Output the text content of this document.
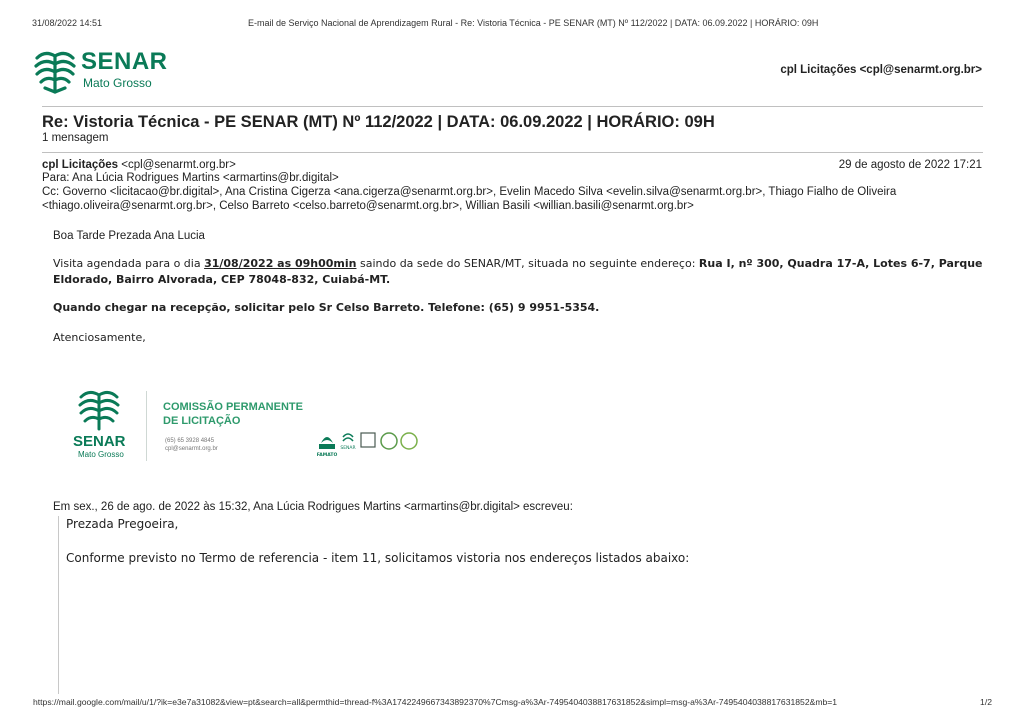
31/08/2022 14:51	E-mail de Serviço Nacional de Aprendizagem Rural - Re: Vistoria Técnica - PE SENAR (MT) Nº 112/2022 | DATA: 06.09.2022 | HORÁRIO: 09H
SENAR
Mato Grosso
cpl Licitações <cpl@senarmt.org.br>
Re: Vistoria Técnica - PE SENAR (MT) Nº 112/2022 | DATA: 06.09.2022 | HORÁRIO: 09H
1 mensagem
cpl Licitações <cpl@senarmt.org.br>	29 de agosto de 2022 17:21
Para: Ana Lúcia Rodrigues Martins <armartins@br.digital>
Cc: Governo <licitacao@br.digital>, Ana Cristina Cigerza <ana.cigerza@senarmt.org.br>, Evelin Macedo Silva <evelin.silva@senarmt.org.br>, Thiago Fialho de Oliveira
<thiago.oliveira@senarmt.org.br>, Celso Barreto <celso.barreto@senarmt.org.br>, Willian Basili <willian.basili@senarmt.org.br>
Boa Tarde Prezada Ana Lucia
Visita agendada para o dia 31/08/2022 as 09h00min saindo da sede do SENAR/MT, situada no seguinte endereço: Rua I, nº 300, Quadra 17-A, Lotes 6-7, Parque
Eldorado, Bairro Alvorada, CEP 78048-832, Cuiabá-MT.
Quando chegar na recepção, solicitar pelo Sr Celso Barreto. Telefone: (65) 9 9951-5354.
Atenciosamente,
SENAR
Mato Grosso
COMISSÃO PERMANENTE
DE LICITAÇÃO
(65) 65 3928 4845
cpl@senarmt.org.br
FAMATO
SENAR
Em sex., 26 de ago. de 2022 às 15:32, Ana Lúcia Rodrigues Martins <armartins@br.digital> escreveu:
Prezada Pregoeira,
Conforme previsto no Termo de referencia - item 11, solicitamos vistoria nos endereços listados abaixo:
https://mail.google.com/mail/u/1/?ik=e3e7a31082&view=pt&search=all&permthid=thread-f%3A1742249667343892370%7Cmsg-a%3Ar-7495404038817631852&simpl=msg-a%3Ar-7495404038817631852&mb=1	1/2
